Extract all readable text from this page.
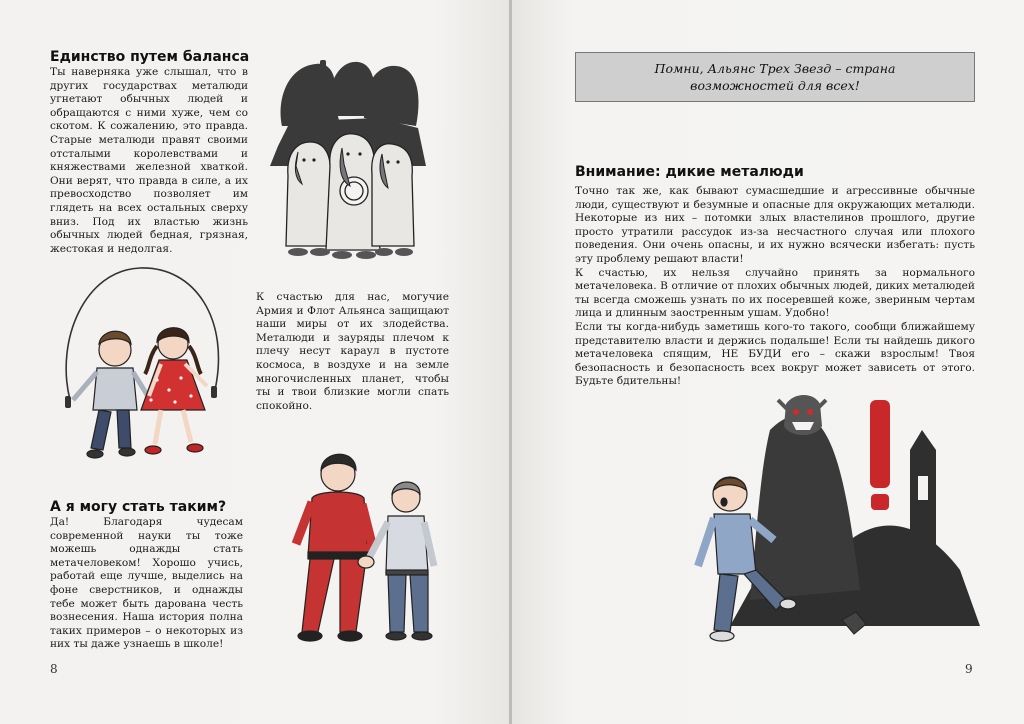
Единство путем баланса

Ты наверняка уже слышал, что в других государствах металюди угнетают обычных людей и обращаются с ними хуже, чем со скотом. К сожалению, это правда. Старые металюди правят своими отсталыми королевствами и княжествами железной хваткой. Они верят, что правда в силе, а их превосходство позволяет им глядеть на всех остальных сверху вниз. Под их властью жизнь обычных людей бедная, грязная, жестокая и недолгая.

К счастью для нас, могучие Армия и Флот Альянса защищают наши миры от их злодейства. Металюди и зауряды плечом к плечу несут караул в пустоте космоса, в воздухе и на земле многочисленных планет, чтобы ты и твои близкие могли спать спокойно.

А я могу стать таким?

Да! Благодаря чудесам современной науки ты тоже можешь однажды стать метачеловеком! Хорошо учись, работай еще лучше, выделись на фоне сверстников, и однажды тебе может быть дарована честь вознесения. Наша история полна таких примеров – о некоторых из них ты даже узнаешь в школе!

8
Помни, Альянс Трех Звезд – страна возможностей для всех!
Внимание: дикие металюди

Точно так же, как бывают сумасшедшие и агрессивные обычные люди, существуют и безумные и опасные для окружающих металюди. Некоторые из них – потомки злых властелинов прошлого, другие просто утратили рассудок из-за несчастного случая или плохого поведения. Они очень опасны, и их нужно всячески избегать: пусть эту проблему решают власти!

К счастью, их нельзя случайно принять за нормального метачеловека. В отличие от плохих обычных людей, диких металюдей ты всегда сможешь узнать по их посеревшей коже, звериным чертам лица и длинным заостренным ушам. Удобно!

Если ты когда-нибудь заметишь кого-то такого, сообщи ближайшему представителю власти и держись подальше! Если ты найдешь дикого метачеловека спящим, НЕ БУДИ его – скажи взрослым! Твоя безопасность и безопасность всех вокруг может зависеть от этого. Будьте бдительны!

9
